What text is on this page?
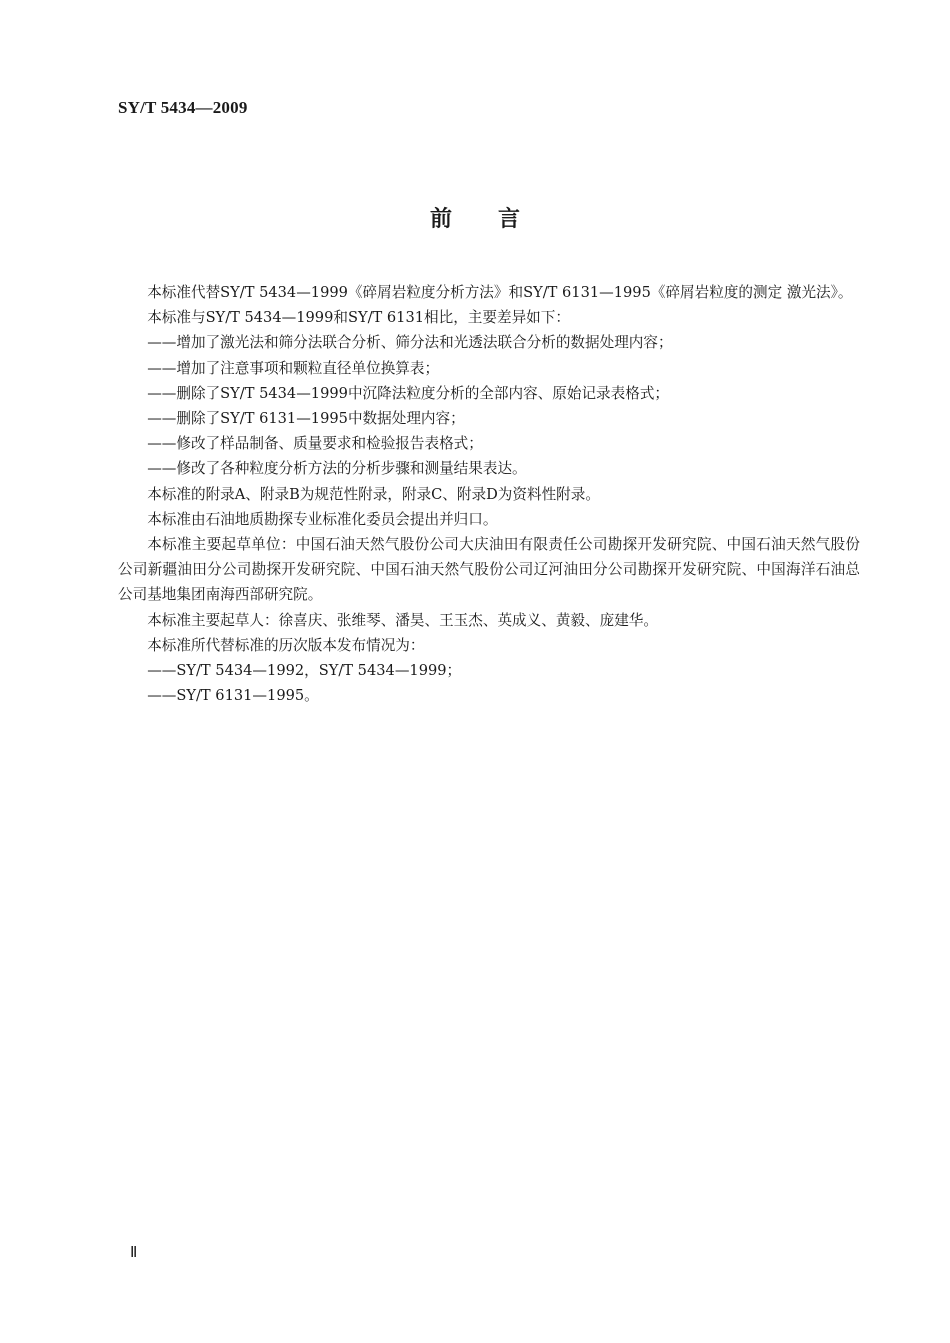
SY/T 5434—2009
前言

本标准代替SY/T 5434—1999《碎屑岩粒度分析方法》和SY/T 6131—1995《碎屑岩粒度的测定 激光法》。

本标准与SY/T 5434—1999和SY/T 6131相比，主要差异如下：

——增加了激光法和筛分法联合分析、筛分法和光透法联合分析的数据处理内容；

——增加了注意事项和颗粒直径单位换算表；

——删除了SY/T 5434—1999中沉降法粒度分析的全部内容、原始记录表格式；

——删除了SY/T 6131—1995中数据处理内容；

——修改了样品制备、质量要求和检验报告表格式；

——修改了各种粒度分析方法的分析步骤和测量结果表达。

本标准的附录A、附录B为规范性附录，附录C、附录D为资料性附录。

本标准由石油地质勘探专业标准化委员会提出并归口。

本标准主要起草单位：中国石油天然气股份公司大庆油田有限责任公司勘探开发研究院、中国石油天然气股份公司新疆油田分公司勘探开发研究院、中国石油天然气股份公司辽河油田分公司勘探开发研究院、中国海洋石油总公司基地集团南海西部研究院。

本标准主要起草人：徐喜庆、张维琴、潘昊、王玉杰、英成义、黄毅、庞建华。

本标准所代替标准的历次版本发布情况为：

——SY/T 5434—1992，SY/T 5434—1999；

——SY/T 6131—1995。

Ⅱ
